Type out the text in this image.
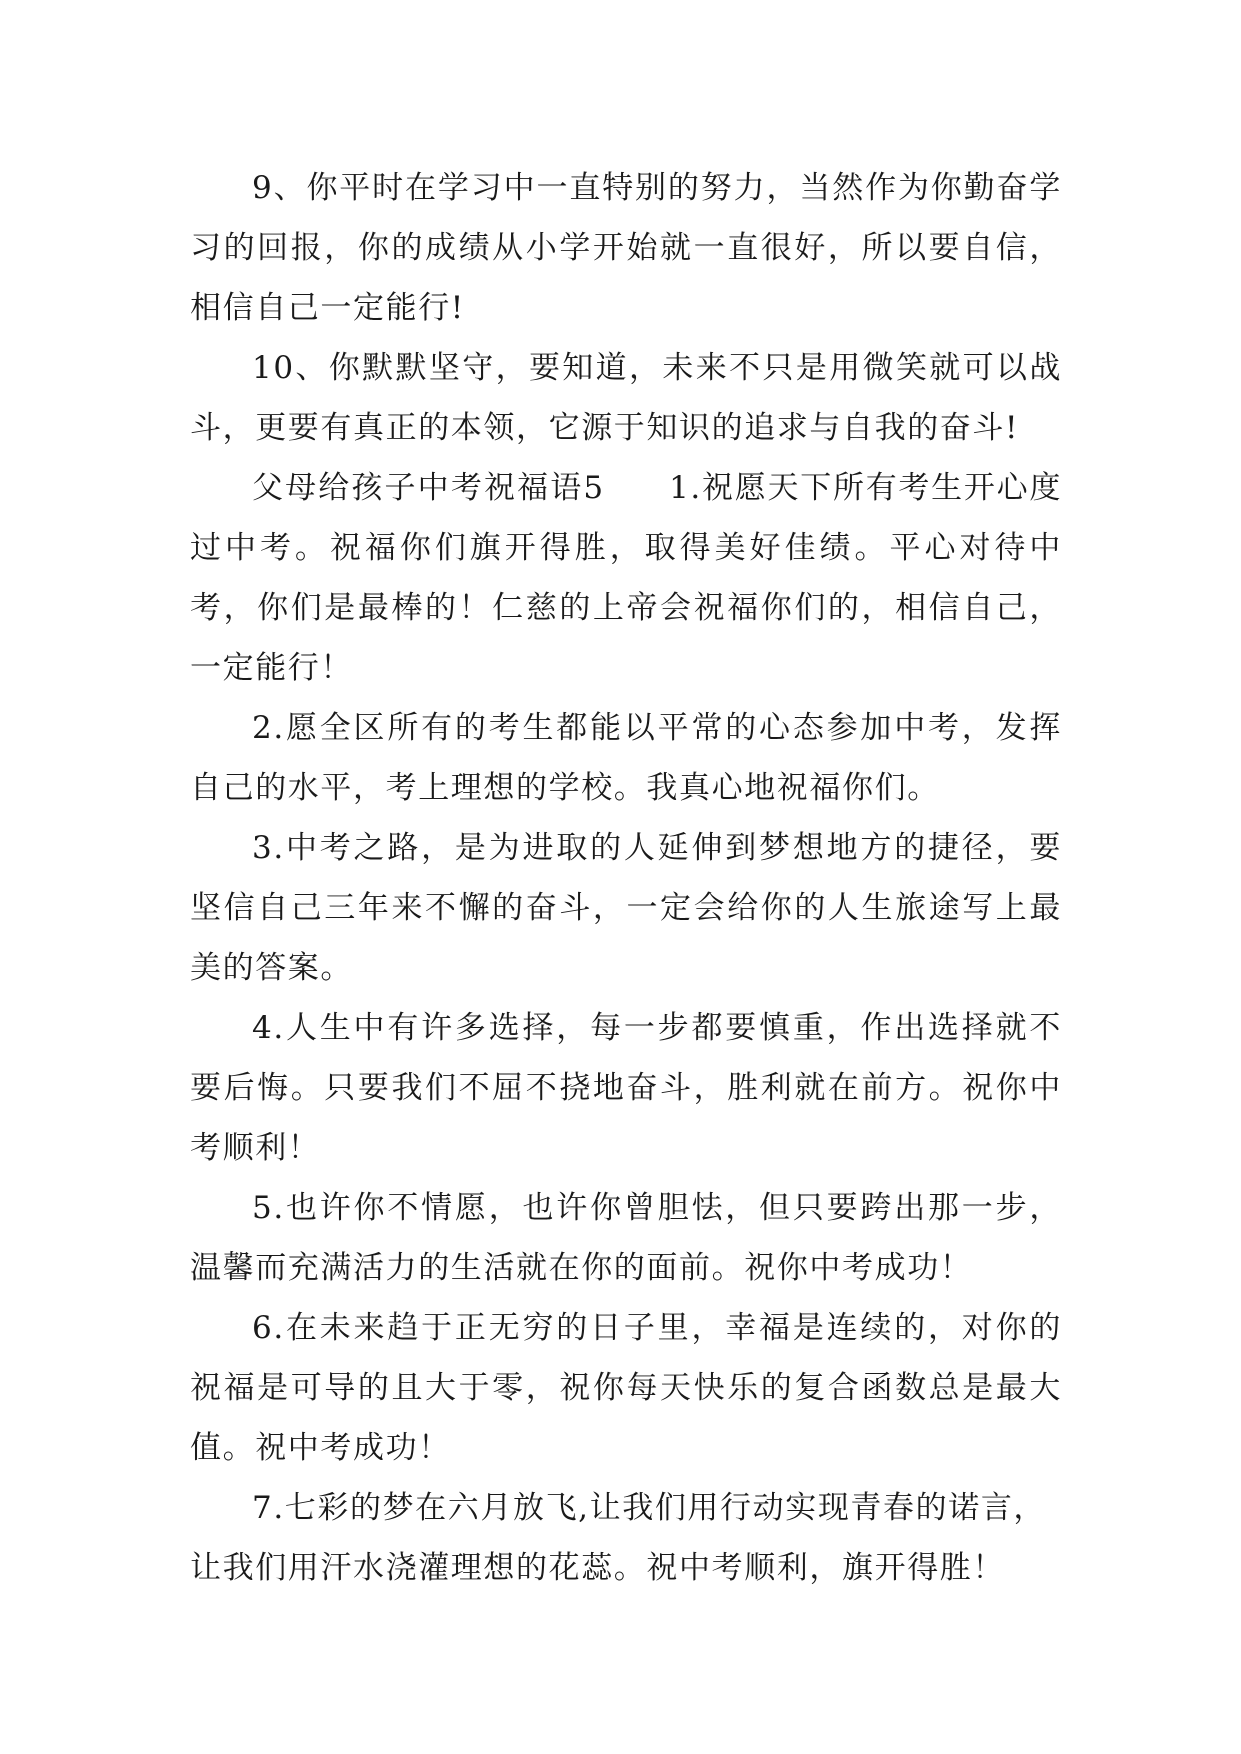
9、你平时在学习中一直特别的努力，当然作为你勤奋学习的回报，你的成绩从小学开始就一直很好，所以要自信，相信自己一定能行!

10、你默默坚守，要知道，未来不只是用微笑就可以战斗，更要有真正的本领，它源于知识的追求与自我的奋斗!

父母给孩子中考祝福语5 1.祝愿天下所有考生开心度过中考。祝福你们旗开得胜，取得美好佳绩。平心对待中考，你们是最棒的！仁慈的上帝会祝福你们的，相信自己，一定能行！

2.愿全区所有的考生都能以平常的心态参加中考，发挥自己的水平，考上理想的学校。我真心地祝福你们。

3.中考之路，是为进取的人延伸到梦想地方的捷径，要坚信自己三年来不懈的奋斗，一定会给你的人生旅途写上最美的答案。

4.人生中有许多选择，每一步都要慎重，作出选择就不要后悔。只要我们不屈不挠地奋斗，胜利就在前方。祝你中考顺利！

5.也许你不情愿，也许你曾胆怯，但只要跨出那一步，温馨而充满活力的生活就在你的面前。祝你中考成功！

6.在未来趋于正无穷的日子里，幸福是连续的，对你的祝福是可导的且大于零，祝你每天快乐的复合函数总是最大值。祝中考成功！

7.七彩的梦在六月放飞,让我们用行动实现青春的诺言，让我们用汗水浇灌理想的花蕊。祝中考顺利，旗开得胜！
